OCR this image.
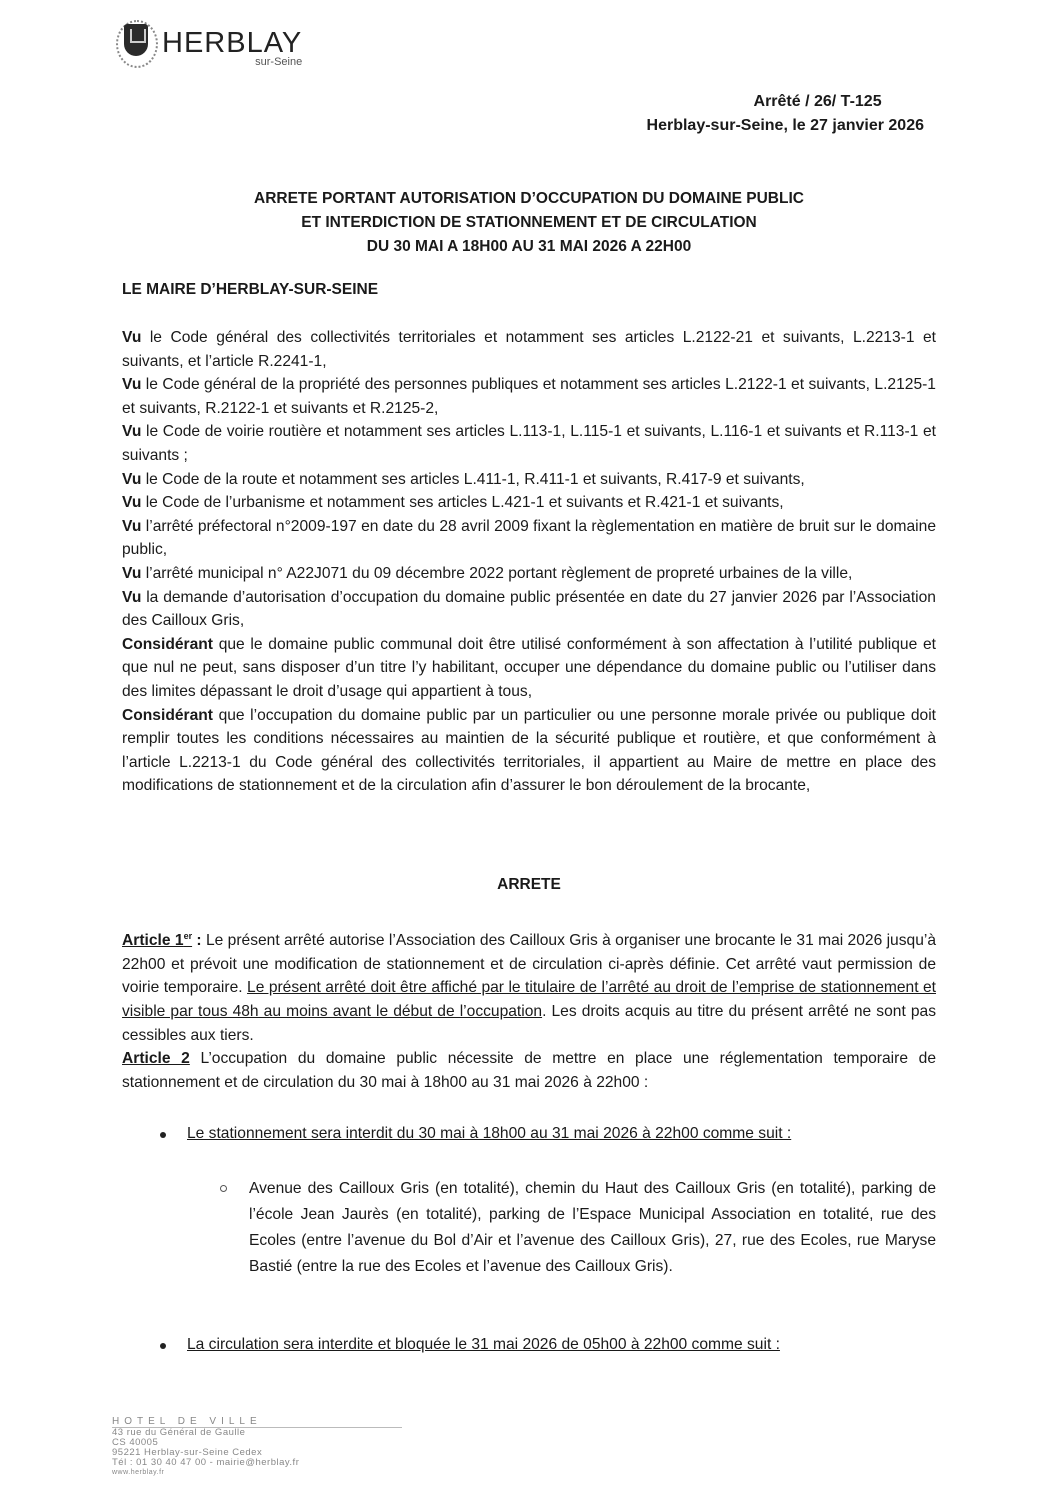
HERBLAY
sur-Seine
Arrêté / 26/ T-125
Herblay-sur-Seine, le 27 janvier 2026
ARRETE PORTANT AUTORISATION D’OCCUPATION DU DOMAINE PUBLIC
ET INTERDICTION DE STATIONNEMENT ET DE CIRCULATION
DU 30 MAI A 18H00 AU 31 MAI 2026 A 22H00
LE MAIRE D’HERBLAY-SUR-SEINE

Vu le Code général des collectivités territoriales et notamment ses articles L.2122-21 et suivants, L.2213-1 et suivants, et l’article R.2241-1,

Vu le Code général de la propriété des personnes publiques et notamment ses articles L.2122-1 et suivants, L.2125-1 et suivants, R.2122-1 et suivants et R.2125-2,

Vu le Code de voirie routière et notamment ses articles L.113-1, L.115-1 et suivants, L.116-1 et suivants et R.113-1 et suivants ;

Vu le Code de la route et notamment ses articles L.411-1, R.411-1 et suivants, R.417-9 et suivants,

Vu le Code de l’urbanisme et notamment ses articles L.421-1 et suivants et R.421-1 et suivants,

Vu l’arrêté préfectoral n°2009-197 en date du 28 avril 2009 fixant la règlementation en matière de bruit sur le domaine public,

Vu l’arrêté municipal n° A22J071 du 09 décembre 2022 portant règlement de propreté urbaines de la ville,

Vu la demande d’autorisation d’occupation du domaine public présentée en date du 27 janvier 2026 par l’Association des Cailloux Gris,

Considérant que le domaine public communal doit être utilisé conformément à son affectation à l’utilité publique et que nul ne peut, sans disposer d’un titre l’y habilitant, occuper une dépendance du domaine public ou l’utiliser dans des limites dépassant le droit d’usage qui appartient à tous,

Considérant que l’occupation du domaine public par un particulier ou une personne morale privée ou publique doit remplir toutes les conditions nécessaires au maintien de la sécurité publique et routière, et que conformément à l’article L.2213-1 du Code général des collectivités territoriales, il appartient au Maire de mettre en place des modifications de stationnement et de la circulation afin d’assurer le bon déroulement de la brocante,

ARRETE

Article 1er : Le présent arrêté autorise l’Association des Cailloux Gris à organiser une brocante le 31 mai 2026 jusqu’à 22h00 et prévoit une modification de stationnement et de circulation ci-après définie. Cet arrêté vaut permission de voirie temporaire. Le présent arrêté doit être affiché par le titulaire de l’arrêté au droit de l’emprise de stationnement et visible par tous 48h au moins avant le début de l’occupation. Les droits acquis au titre du présent arrêté ne sont pas cessibles aux tiers.

Article 2 L’occupation du domaine public nécessite de mettre en place une réglementation temporaire de stationnement et de circulation du 30 mai à 18h00 au 31 mai 2026 à 22h00 :

Le stationnement sera interdit du 30 mai à 18h00 au 31 mai 2026 à 22h00 comme suit :
Avenue des Cailloux Gris (en totalité), chemin du Haut des Cailloux Gris (en totalité), parking de l’école Jean Jaurès (en totalité), parking de l’Espace Municipal Association en totalité, rue des Ecoles (entre l’avenue du Bol d’Air et l’avenue des Cailloux Gris), 27, rue des Ecoles, rue Maryse Bastié (entre la rue des Ecoles et l’avenue des Cailloux Gris).
La circulation sera interdite et bloquée le 31 mai 2026 de 05h00 à 22h00 comme suit :
HOTEL DE VILLE
43 rue du Général de Gaulle
CS 40005
95221 Herblay-sur-Seine Cedex
Tél : 01 30 40 47 00 - mairie@herblay.fr
www.herblay.fr
